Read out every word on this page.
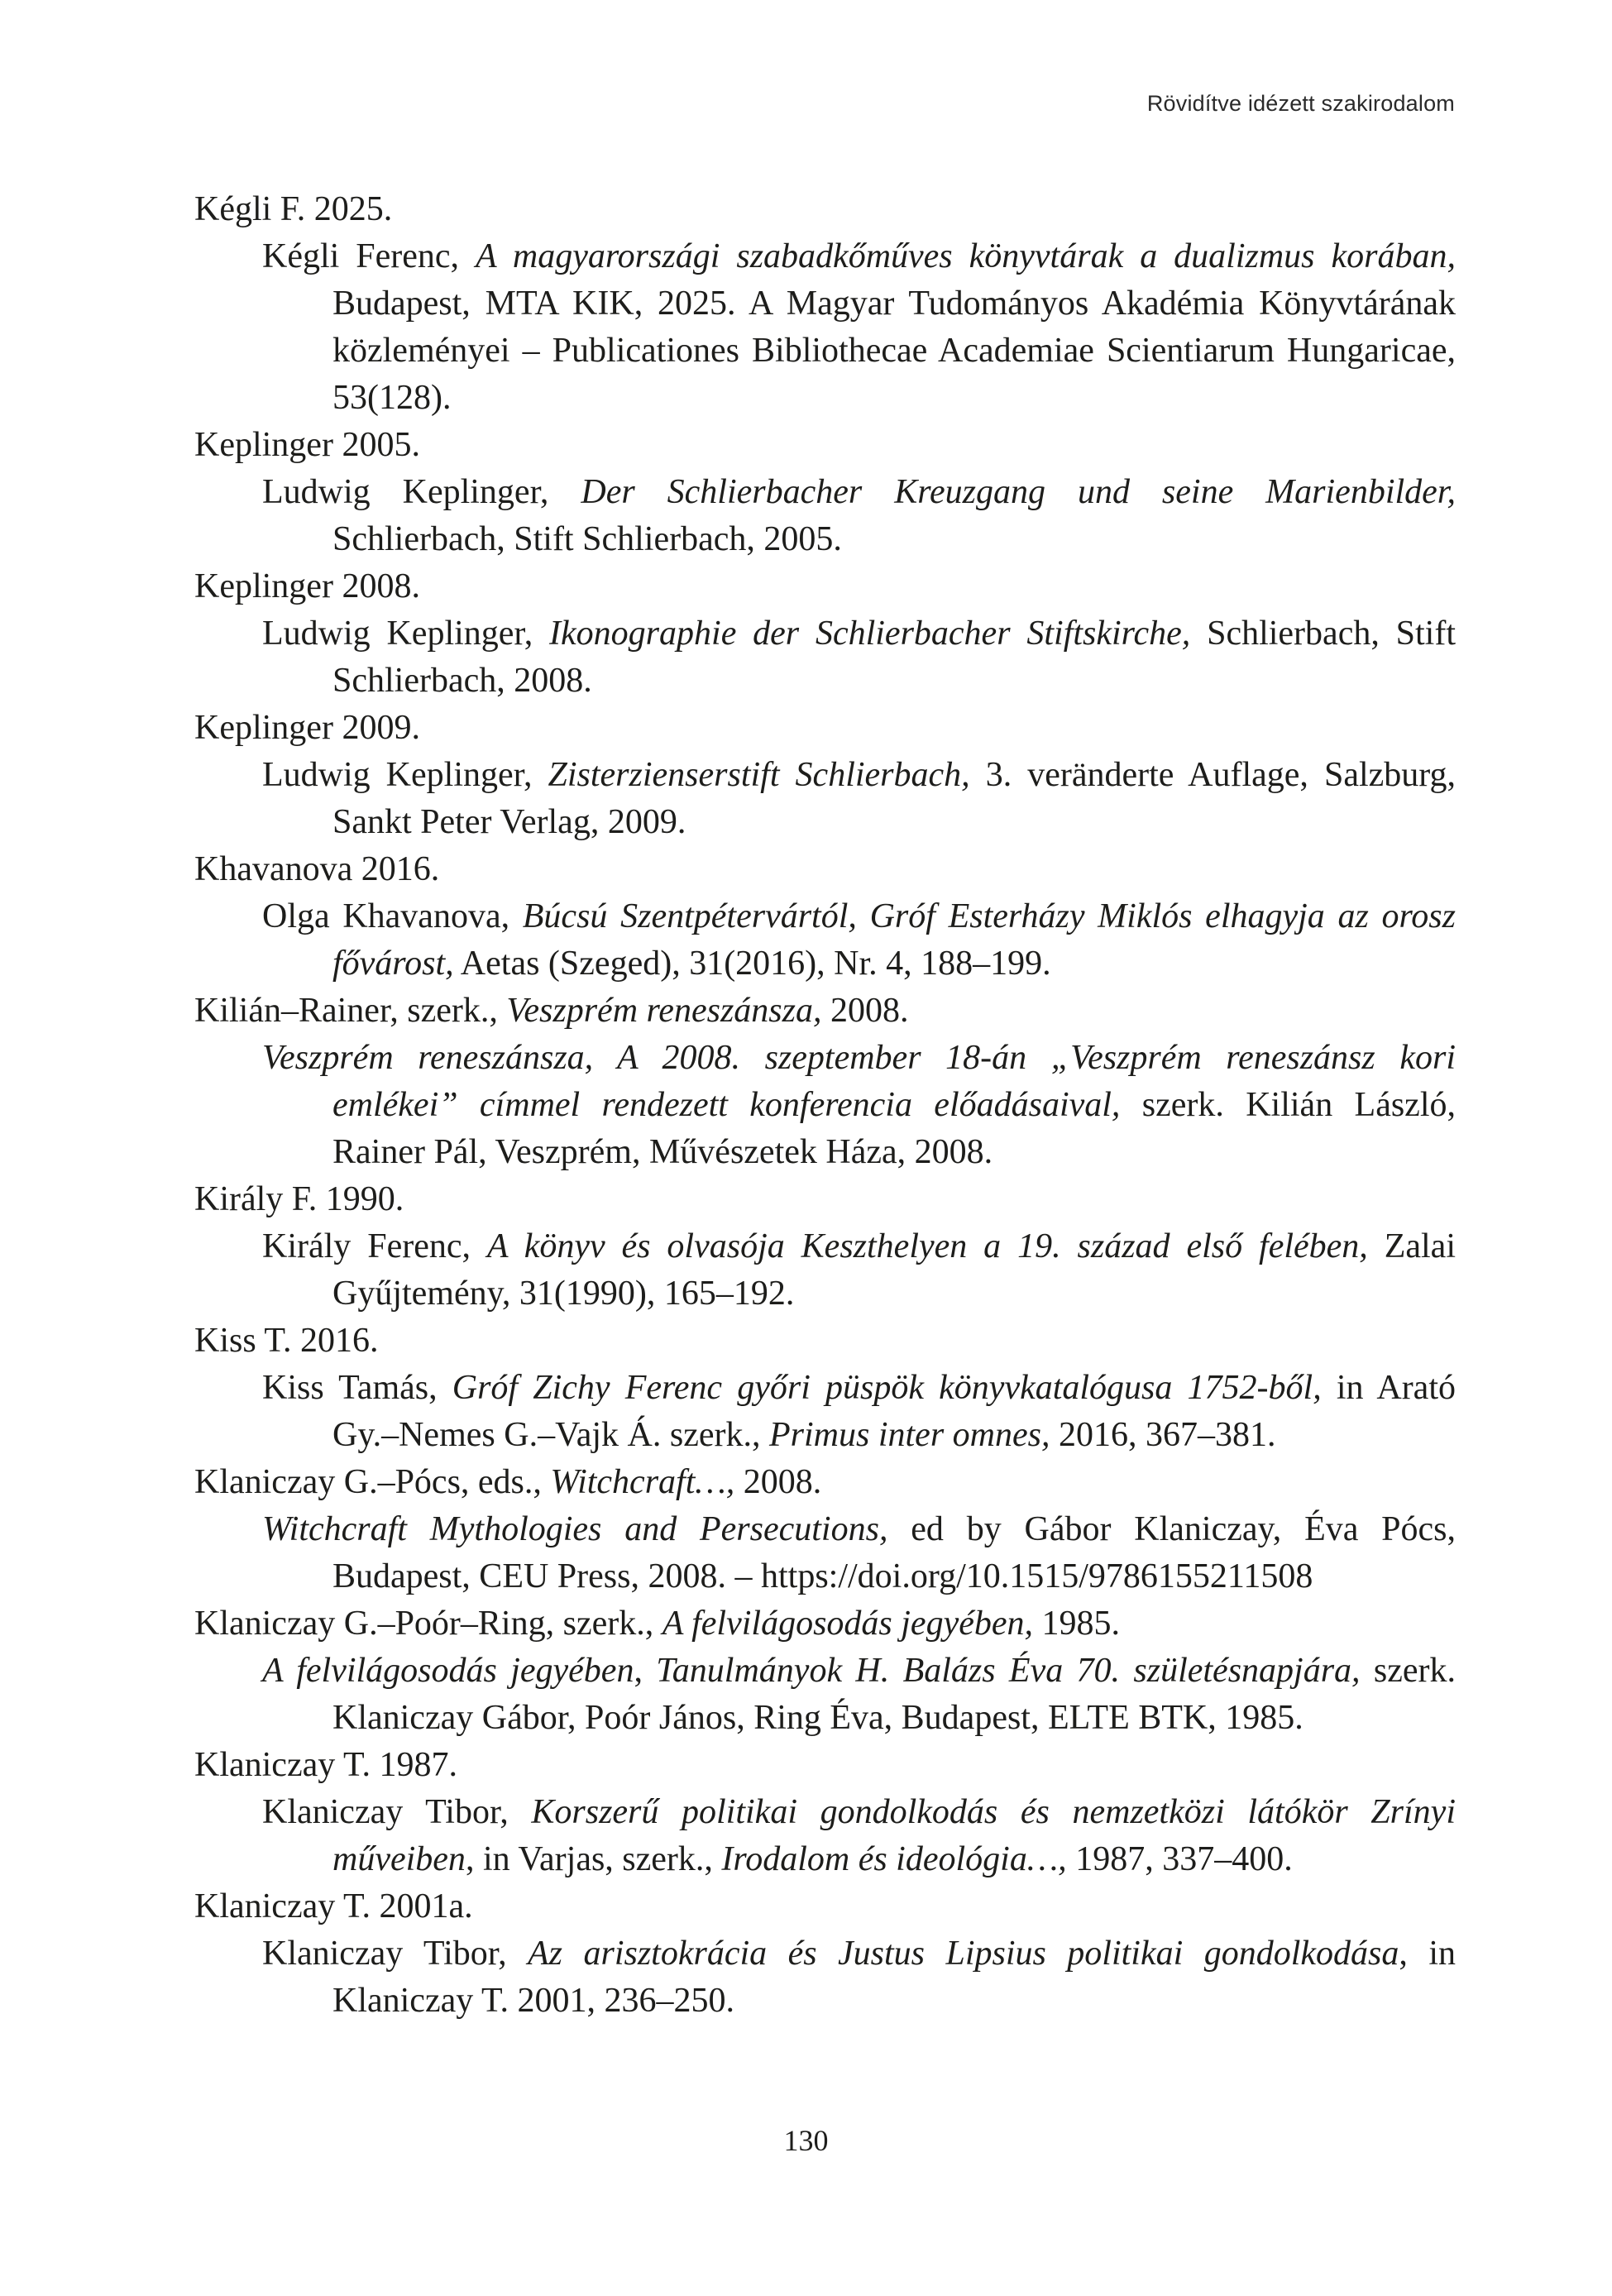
Rövidítve idézett szakirodalom

Kégli F. 2025.

Kégli Ferenc, A magyarországi szabadkőműves könyvtárak a dualizmus korában, Budapest, MTA KIK, 2025. A Magyar Tudományos Akadémia Könyvtárának közleményei – Publicationes Bibliothecae Academiae Scientiarum Hungaricae, 53(128).

Keplinger 2005.

Ludwig Keplinger, Der Schlierbacher Kreuzgang und seine Marienbilder, Schlierbach, Stift Schlierbach, 2005.

Keplinger 2008.

Ludwig Keplinger, Ikonographie der Schlierbacher Stiftskirche, Schlierbach, Stift Schlierbach, 2008.

Keplinger 2009.

Ludwig Keplinger, Zisterzienserstift Schlierbach, 3. veränderte Auflage, Salzburg, Sankt Peter Verlag, 2009.

Khavanova 2016.

Olga Khavanova, Búcsú Szentpétervártól, Gróf Esterházy Miklós elhagyja az orosz fővárost, Aetas (Szeged), 31(2016), Nr. 4, 188–199.

Kilián–Rainer, szerk., Veszprém reneszánsza, 2008.

Veszprém reneszánsza, A 2008. szeptember 18-án „Veszprém reneszánsz kori emlékei” címmel rendezett konferencia előadásaival, szerk. Kilián László, Rainer Pál, Veszprém, Művészetek Háza, 2008.

Király F. 1990.

Király Ferenc, A könyv és olvasója Keszthelyen a 19. század első felében, Zalai Gyűjtemény, 31(1990), 165–192.

Kiss T. 2016.

Kiss Tamás, Gróf Zichy Ferenc győri püspök könyvkatalógusa 1752-ből, in Arató Gy.–Nemes G.–Vajk Á. szerk., Primus inter omnes, 2016, 367–381.

Klaniczay G.–Pócs, eds., Witchcraft…, 2008.

Witchcraft Mythologies and Persecutions, ed by Gábor Klaniczay, Éva Pócs, Budapest, CEU Press, 2008. – https://doi.org/10.1515/9786155211508

Klaniczay G.–Poór–Ring, szerk., A felvilágosodás jegyében, 1985.

A felvilágosodás jegyében, Tanulmányok H. Balázs Éva 70. születésnapjára, szerk. Klaniczay Gábor, Poór János, Ring Éva, Budapest, ELTE BTK, 1985.

Klaniczay T. 1987.

Klaniczay Tibor, Korszerű politikai gondolkodás és nemzetközi látókör Zrínyi műveiben, in Varjas, szerk., Irodalom és ideológia…, 1987, 337–400.

Klaniczay T. 2001a.

Klaniczay Tibor, Az arisztokrácia és Justus Lipsius politikai gondolkodása, in Klaniczay T. 2001, 236–250.

130
